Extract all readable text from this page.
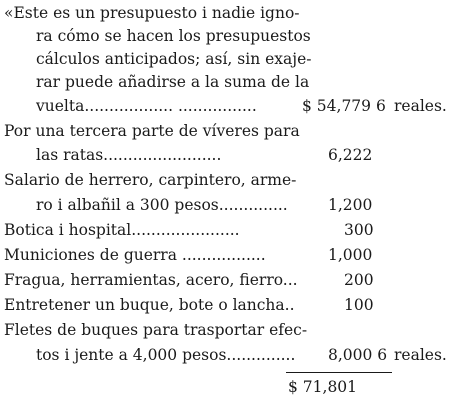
«Este es un presupuesto i nadie igno-
ra cómo se hacen los presupuestos
cálculos anticipados; así, sin exaje-
rar puede añadirse a la suma de la
vuelta.................. ................	$ 54,779 6 reales.
Por una tercera parte de víveres para
las ratas........................	6,222
Salario de herrero, carpintero, arme-
ro i albañil a 300 pesos..............	1,200
Botica i hospital......................	300
Municiones de guerra .................	1,000
Fragua, herramientas, acero, fierro...	200
Entretener un buque, bote o lancha..	100
Fletes de buques para trasportar efec-
tos i jente a 4,000 pesos.............. 8,000 6 reales.
$ 71,801
